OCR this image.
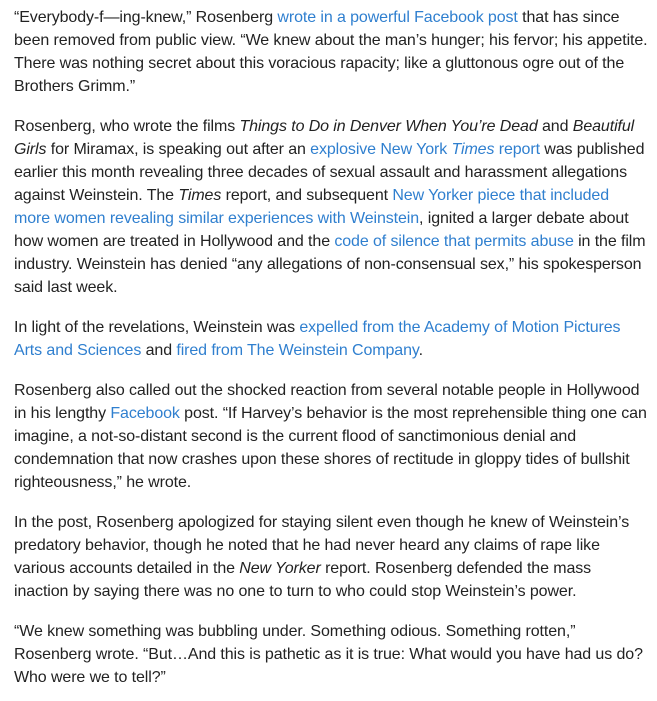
“Everybody-f—ing-knew,” Rosenberg wrote in a powerful Facebook post that has since been removed from public view. “We knew about the man’s hunger; his fervor; his appetite. There was nothing secret about this voracious rapacity; like a gluttonous ogre out of the Brothers Grimm.”

Rosenberg, who wrote the films Things to Do in Denver When You’re Dead and Beautiful Girls for Miramax, is speaking out after an explosive New York Times report was published earlier this month revealing three decades of sexual assault and harassment allegations against Weinstein. The Times report, and subsequent New Yorker piece that included more women revealing similar experiences with Weinstein, ignited a larger debate about how women are treated in Hollywood and the code of silence that permits abuse in the film industry. Weinstein has denied “any allegations of non-consensual sex,” his spokesperson said last week.

In light of the revelations, Weinstein was expelled from the Academy of Motion Pictures Arts and Sciences and fired from The Weinstein Company.

Rosenberg also called out the shocked reaction from several notable people in Hollywood in his lengthy Facebook post. “If Harvey’s behavior is the most reprehensible thing one can imagine, a not-so-distant second is the current flood of sanctimonious denial and condemnation that now crashes upon these shores of rectitude in gloppy tides of bullshit righteousness,” he wrote.

In the post, Rosenberg apologized for staying silent even though he knew of Weinstein’s predatory behavior, though he noted that he had never heard any claims of rape like various accounts detailed in the New Yorker report. Rosenberg defended the mass inaction by saying there was no one to turn to who could stop Weinstein’s power.

“We knew something was bubbling under. Something odious. Something rotten,” Rosenberg wrote. “But…And this is pathetic as it is true: What would you have had us do? Who were we to tell?”
